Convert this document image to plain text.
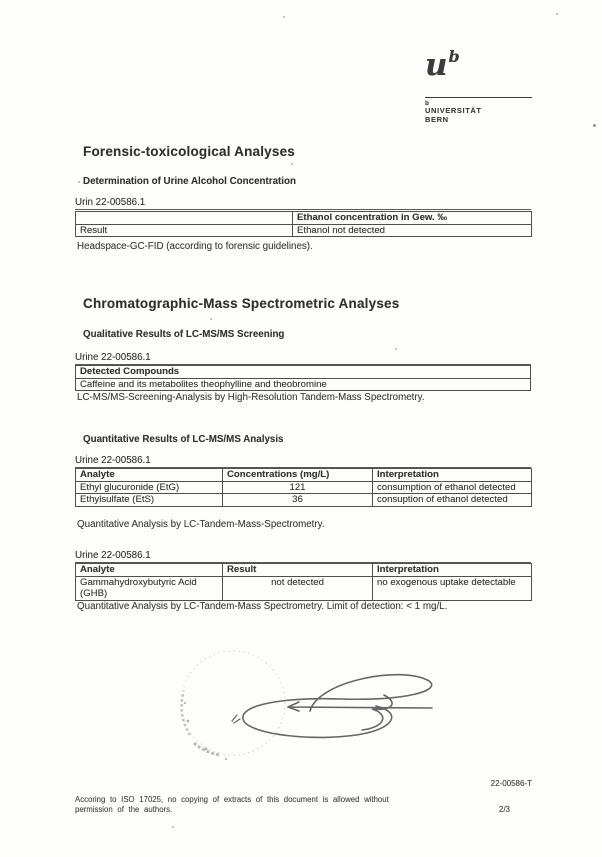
$u^b$
b
UNIVERSITÄT
BERN
Forensic-toxicological Analyses
Determination of Urine Alcohol Concentration
Urin 22-00586.1
	Ethanol concentration in Gew. ‰
Result	Ethanol not detected
Headspace-GC-FID (according to forensic guidelines).
Chromatographic-Mass Spectrometric Analyses
Qualitative Results of LC-MS/MS Screening
Urine 22-00586.1
Detected Compounds
Caffeine and its metabolites theophylline and theobromine
LC-MS/MS-Screening-Analysis by High-Resolution Tandem-Mass Spectrometry.
Quantitative Results of LC-MS/MS Analysis
Urine 22-00586.1
Analyte	Concentrations (mg/L)	Interpretation
Ethyl glucuronide (EtG)	121	consumption of ethanol detected
Ethylsulfate (EtS)	36	consuption of ethanol detected
Quantitative Analysis by LC-Tandem-Mass-Spectrometry.
Urine 22-00586.1
Analyte	Result	Interpretation
Gammahydroxybutyric Acid (GHB)	not detected	no exogenous uptake detectable
Quantitative Analysis by LC-Tandem-Mass Spectrometry. Limit of detection: < 1 mg/L.
22-00586-T
Accoring to ISO 17025, no copying of extracts of this document is allowed without
permission of the authors.	2/3
